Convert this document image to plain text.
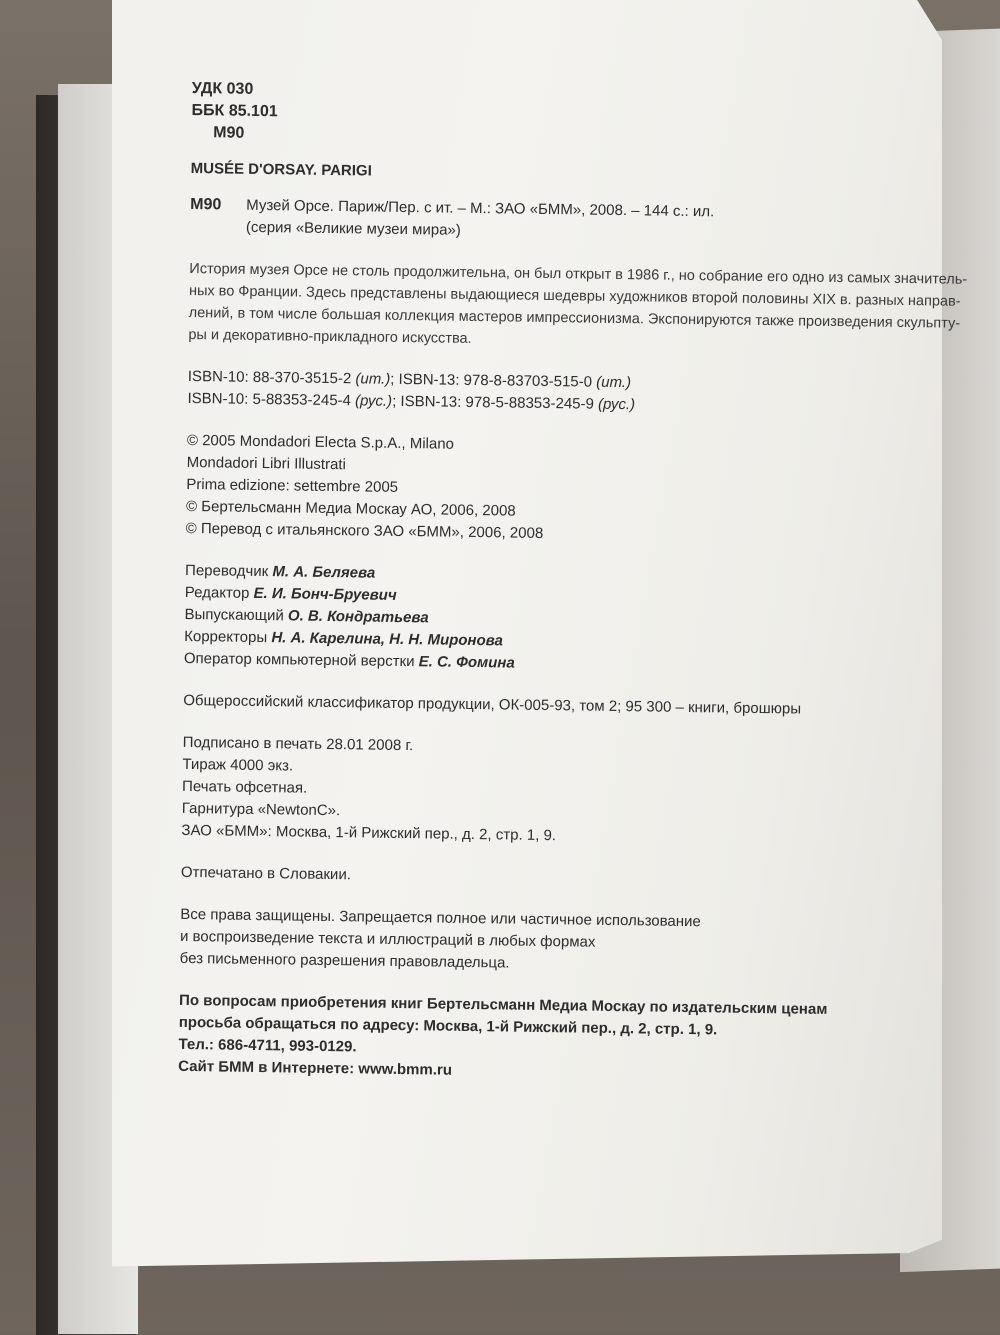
УДК 030
ББК 85.101
М90
MUSÉE D'ORSAY. PARIGI
М90 Музей Орсе. Париж/Пер. с ит. – М.: ЗАО «БММ», 2008. – 144 с.: ил.
(серия «Великие музеи мира»)
История музея Орсе не столь продолжительна, он был открыт в 1986 г., но собрание его одно из самых значитель-
ных во Франции. Здесь представлены выдающиеся шедевры художников второй половины XIX в. разных направ-
лений, в том числе большая коллекция мастеров импрессионизма. Экспонируются также произведения скульпту-
ры и декоративно-прикладного искусства.
ISBN-10: 88-370-3515-2 (ит.); ISBN-13: 978-8-83703-515-0 (ит.)
ISBN-10: 5-88353-245-4 (рус.); ISBN-13: 978-5-88353-245-9 (рус.)
© 2005 Mondadori Electa S.p.A., Milano
Mondadori Libri Illustrati
Prima edizione: settembre 2005
© Бертельсманн Медиа Москау АО, 2006, 2008
© Перевод с итальянского ЗАО «БММ», 2006, 2008
Переводчик М. А. Беляева
Редактор Е. И. Бонч-Бруевич
Выпускающий О. В. Кондратьева
Корректоры Н. А. Карелина, Н. Н. Миронова
Оператор компьютерной верстки Е. С. Фомина
Общероссийский классификатор продукции, ОК-005-93, том 2; 95 300 – книги, брошюры
Подписано в печать 28.01 2008 г.
Тираж 4000 экз.
Печать офсетная.
Гарнитура «NewtonC».
ЗАО «БММ»: Москва, 1-й Рижский пер., д. 2, стр. 1, 9.
Отпечатано в Словакии.
Все права защищены. Запрещается полное или частичное использование
и воспроизведение текста и иллюстраций в любых формах
без письменного разрешения правовладельца.
По вопросам приобретения книг Бертельсманн Медиа Москау по издательским ценам
просьба обращаться по адресу: Москва, 1-й Рижский пер., д. 2, стр. 1, 9.
Тел.: 686-4711, 993-0129.
Сайт БММ в Интернете: www.bmm.ru
